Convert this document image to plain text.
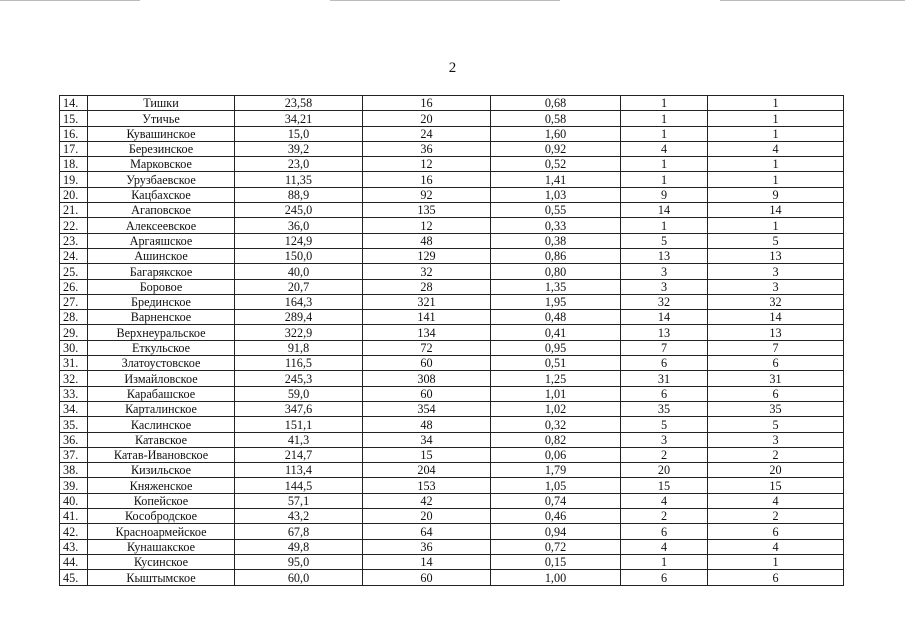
2
14.	Тишки	23,58	16	0,68	1	1
15.	Утичье	34,21	20	0,58	1	1
16.	Кувашинское	15,0	24	1,60	1	1
17.	Березинское	39,2	36	0,92	4	4
18.	Марковское	23,0	12	0,52	1	1
19.	Урузбаевское	11,35	16	1,41	1	1
20.	Кацбахское	88,9	92	1,03	9	9
21.	Агаповское	245,0	135	0,55	14	14
22.	Алексеевское	36,0	12	0,33	1	1
23.	Аргаяшское	124,9	48	0,38	5	5
24.	Ашинское	150,0	129	0,86	13	13
25.	Багарякское	40,0	32	0,80	3	3
26.	Боровое	20,7	28	1,35	3	3
27.	Брединское	164,3	321	1,95	32	32
28.	Варненское	289,4	141	0,48	14	14
29.	Верхнеуральское	322,9	134	0,41	13	13
30.	Еткульское	91,8	72	0,95	7	7
31.	Златоустовское	116,5	60	0,51	6	6
32.	Измайловское	245,3	308	1,25	31	31
33.	Карабашское	59,0	60	1,01	6	6
34.	Карталинское	347,6	354	1,02	35	35
35.	Каслинское	151,1	48	0,32	5	5
36.	Катавское	41,3	34	0,82	3	3
37.	Катав-Ивановское	214,7	15	0,06	2	2
38.	Кизильское	113,4	204	1,79	20	20
39.	Княженское	144,5	153	1,05	15	15
40.	Копейское	57,1	42	0,74	4	4
41.	Кособродское	43,2	20	0,46	2	2
42.	Красноармейское	67,8	64	0,94	6	6
43.	Кунашакское	49,8	36	0,72	4	4
44.	Кусинское	95,0	14	0,15	1	1
45.	Кыштымское	60,0	60	1,00	6	6
